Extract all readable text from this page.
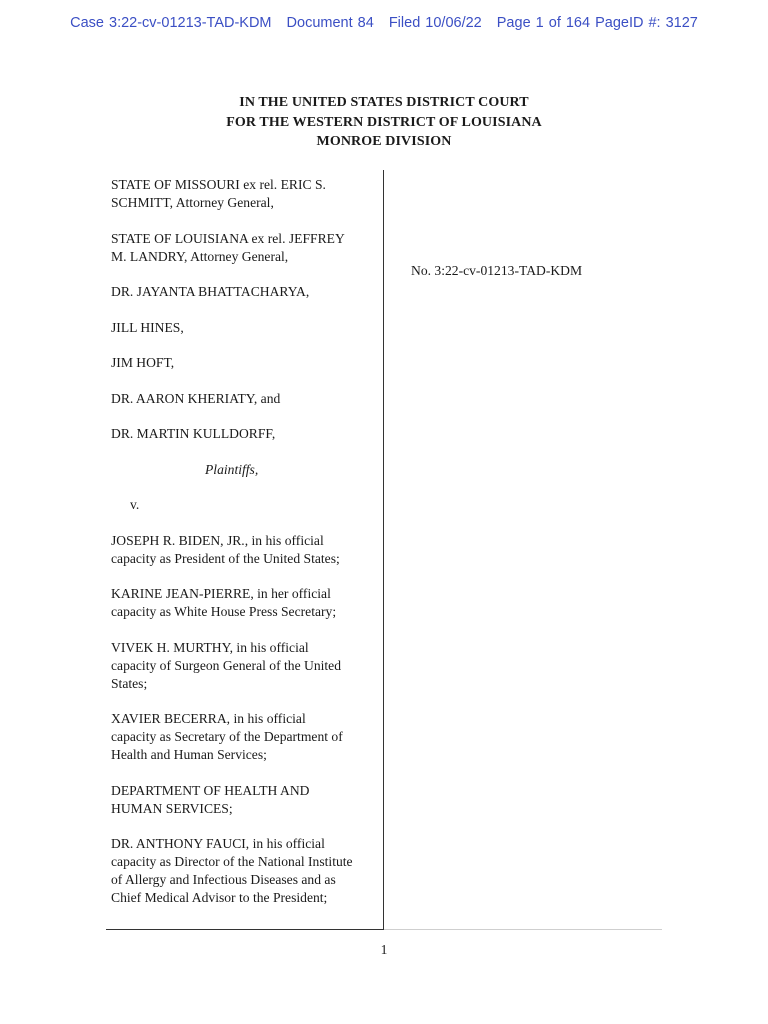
Case 3:22-cv-01213-TAD-KDM Document 84 Filed 10/06/22 Page 1 of 164 PageID #: 3127
IN THE UNITED STATES DISTRICT COURT
FOR THE WESTERN DISTRICT OF LOUISIANA
MONROE DIVISION
STATE OF MISSOURI ex rel. ERIC S.
SCHMITT, Attorney General,
STATE OF LOUISIANA ex rel. JEFFREY
M. LANDRY, Attorney General,
DR. JAYANTA BHATTACHARYA,
JILL HINES,
JIM HOFT,
DR. AARON KHERIATY, and
DR. MARTIN KULLDORFF,
Plaintiffs,
v.
JOSEPH R. BIDEN, JR., in his official
capacity as President of the United States;
KARINE JEAN-PIERRE, in her official
capacity as White House Press Secretary;
VIVEK H. MURTHY, in his official
capacity of Surgeon General of the United
States;
XAVIER BECERRA, in his official
capacity as Secretary of the Department of
Health and Human Services;
DEPARTMENT OF HEALTH AND
HUMAN SERVICES;
DR. ANTHONY FAUCI, in his official
capacity as Director of the National Institute
of Allergy and Infectious Diseases and as
Chief Medical Advisor to the President;
No. 3:22-cv-01213-TAD-KDM
1
